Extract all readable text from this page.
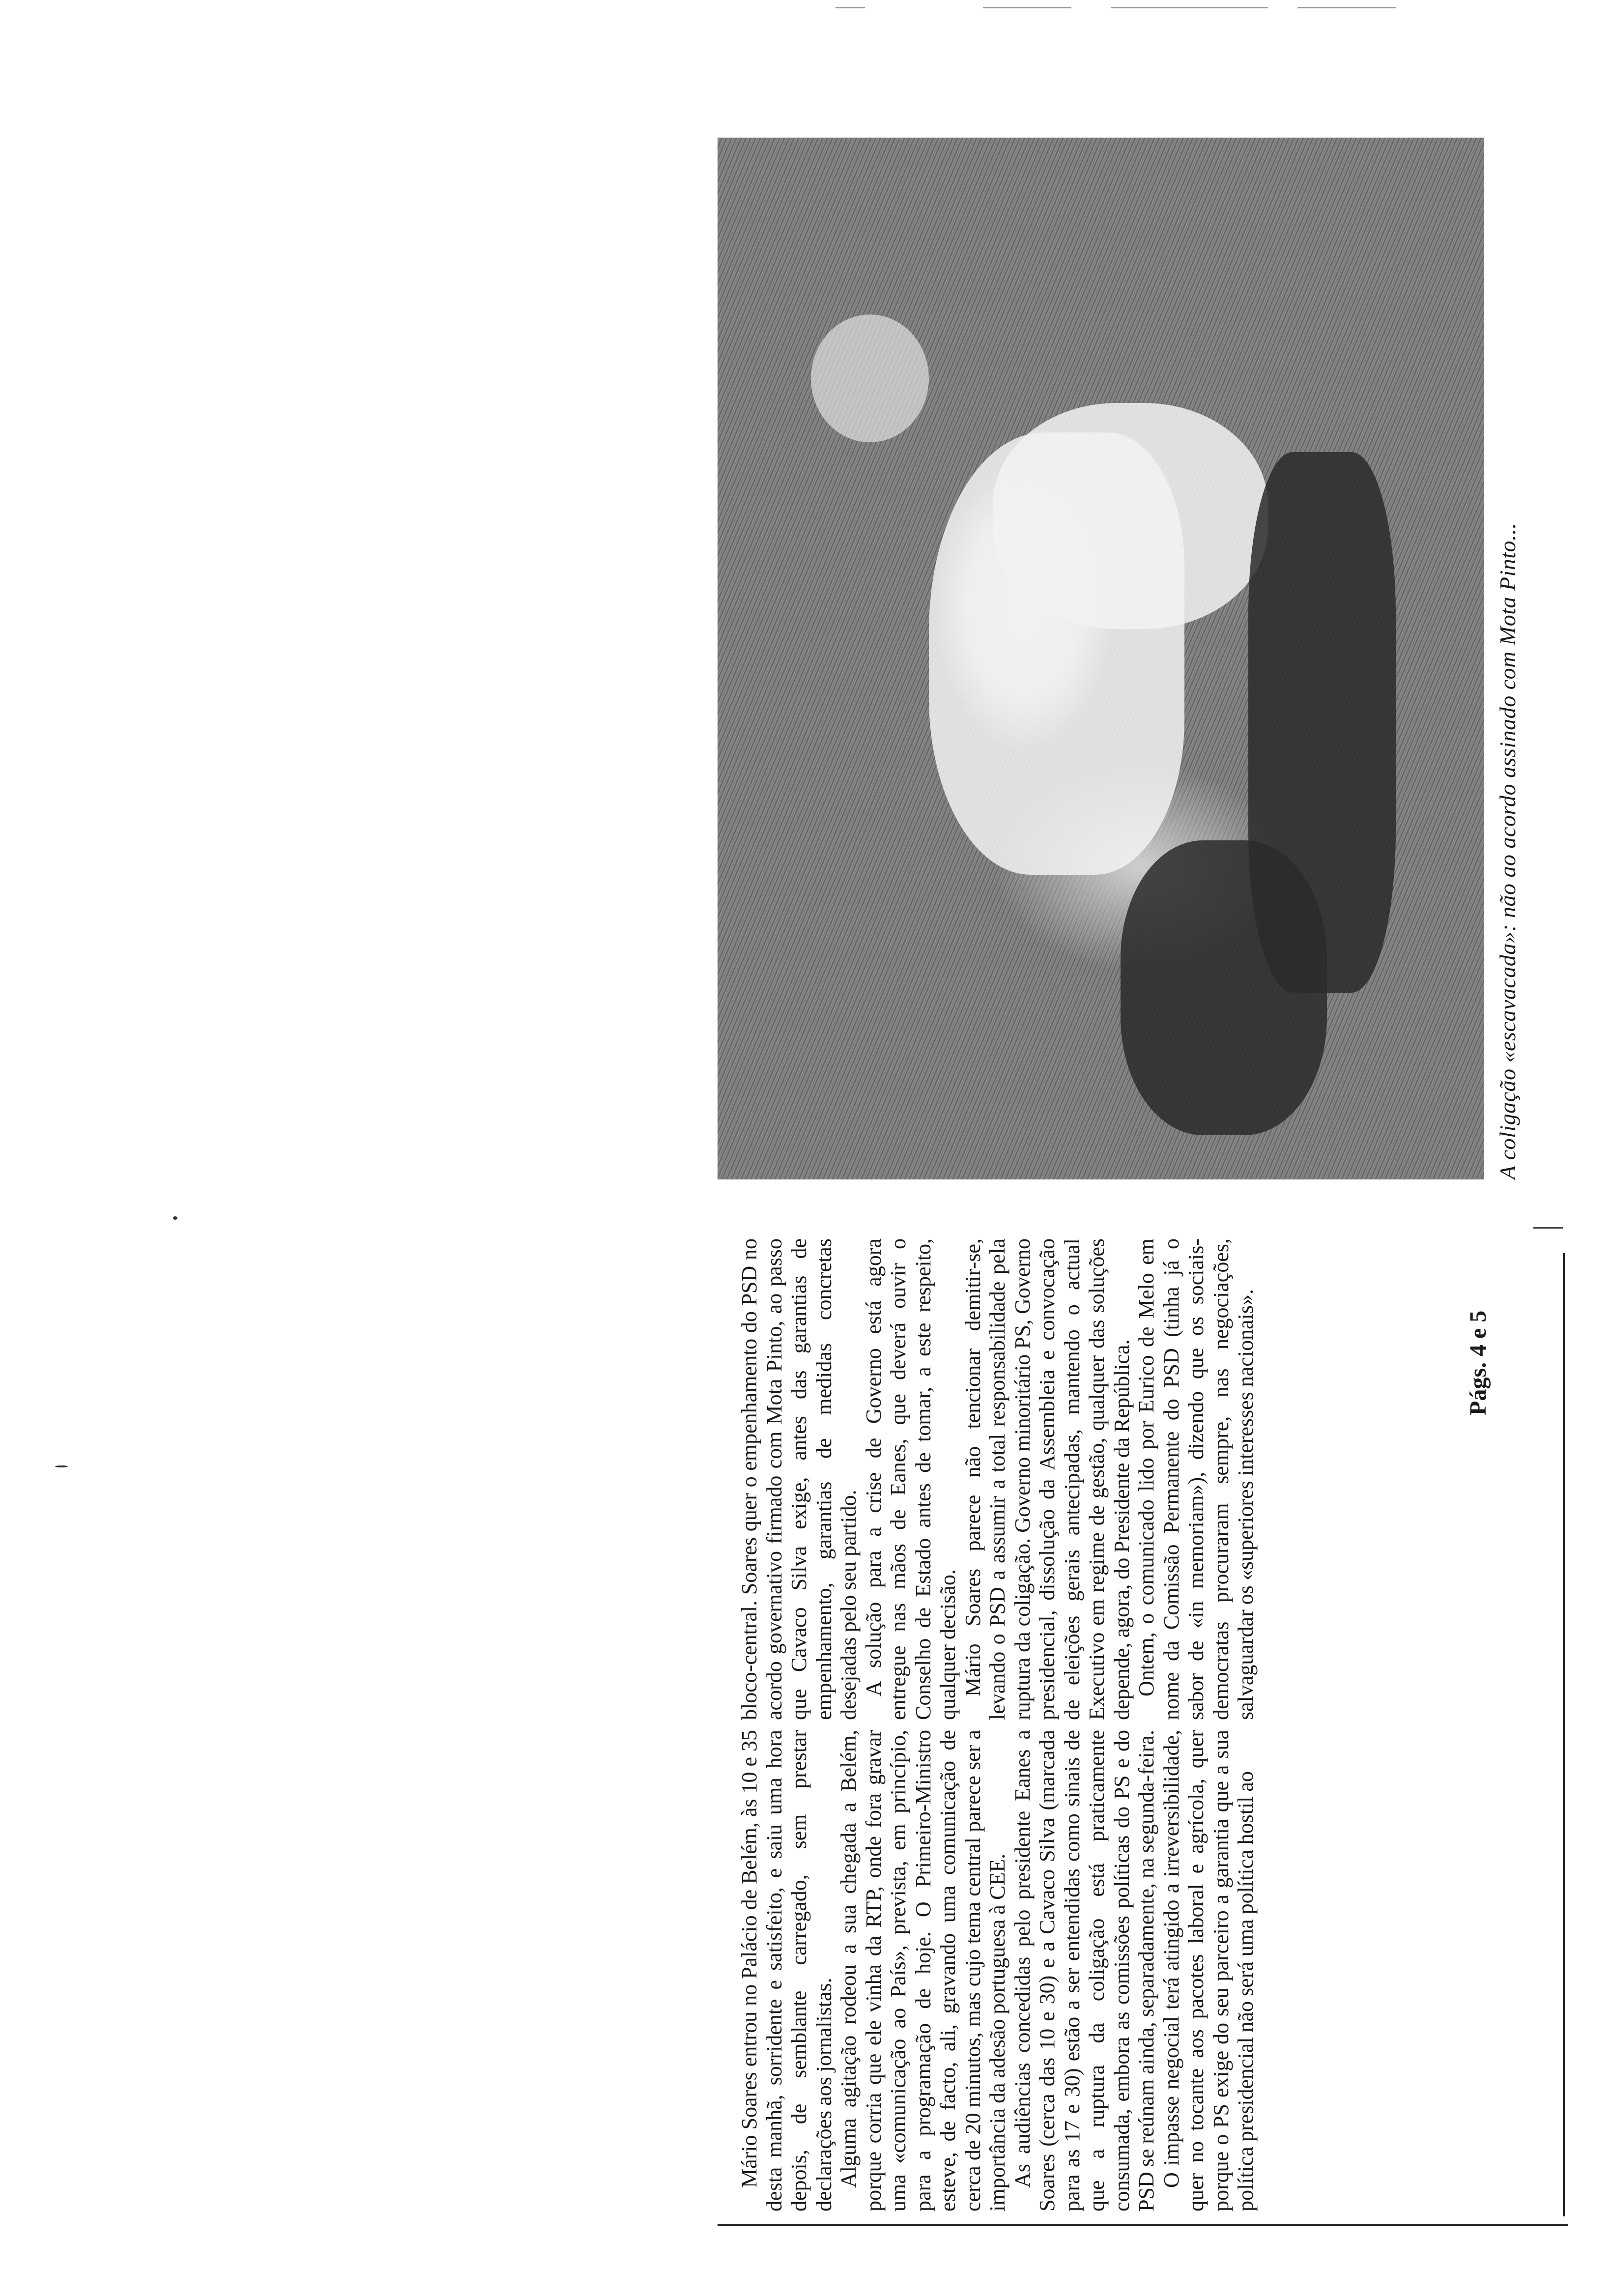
Mário Soares entrou no Palácio de Belém, às 10 e 35 desta manhã, sorridente e satisfeito, e saiu uma hora depois, de semblante carregado, sem prestar declarações aos jornalistas. Alguma agitação rodeou a sua chegada a Belém, porque corria que ele vinha da RTP, onde fora gravar uma «comunicação ao País», prevista, em princípio, para a programação de hoje. O Primeiro-Ministro esteve, de facto, ali, gravando uma comunicação de cerca de 20 minutos, mas cujo tema central parece ser a importância da adesão portuguesa à CEE. As audiências concedidas pelo presidente Eanes a Soares (cerca das 10 e 30) e a Cavaco Silva (marcada para as 17 e 30) estão a ser entendidas como sinais de que a ruptura da coligação está praticamente consumada, embora as comissões políticas do PS e do PSD se reúnam ainda, separadamente, na segunda-feira. O impasse negocial terá atingido a irreversibilidade, quer no tocante aos pacotes laboral e agrícola, quer porque o PS exige do seu parceiro a garantia que a sua política presidencial não será uma política hostil ao

bloco-central. Soares quer o empenhamento do PSD no acordo governativo firmado com Mota Pinto, ao passo que Cavaco Silva exige, antes das garantias de empenhamento, garantias de medidas concretas desejadas pelo seu partido. A solução para a crise de Governo está agora entregue nas mãos de Eanes, que deverá ouvir o Conselho de Estado antes de tomar, a este respeito, qualquer decisão. Mário Soares parece não tencionar demitir-se, levando o PSD a assumir a total responsabilidade pela ruptura da coligação. Governo minoritário PS, Governo presidencial, dissolução da Assembleia e convocação de eleições gerais antecipadas, mantendo o actual Executivo em regime de gestão, qualquer das soluções depende, agora, do Presidente da República. Ontem, o comunicado lido por Eurico de Melo em nome da Comissão Permanente do PSD (tinha já o sabor de «in memoriam»), dizendo que os sociais-democratas procuraram sempre, nas negociações, salvaguardar os «superiores interesses nacionais».	Págs. 4 e 5
A coligação «escavacada»: não ao acordo assinado com Mota Pinto...
